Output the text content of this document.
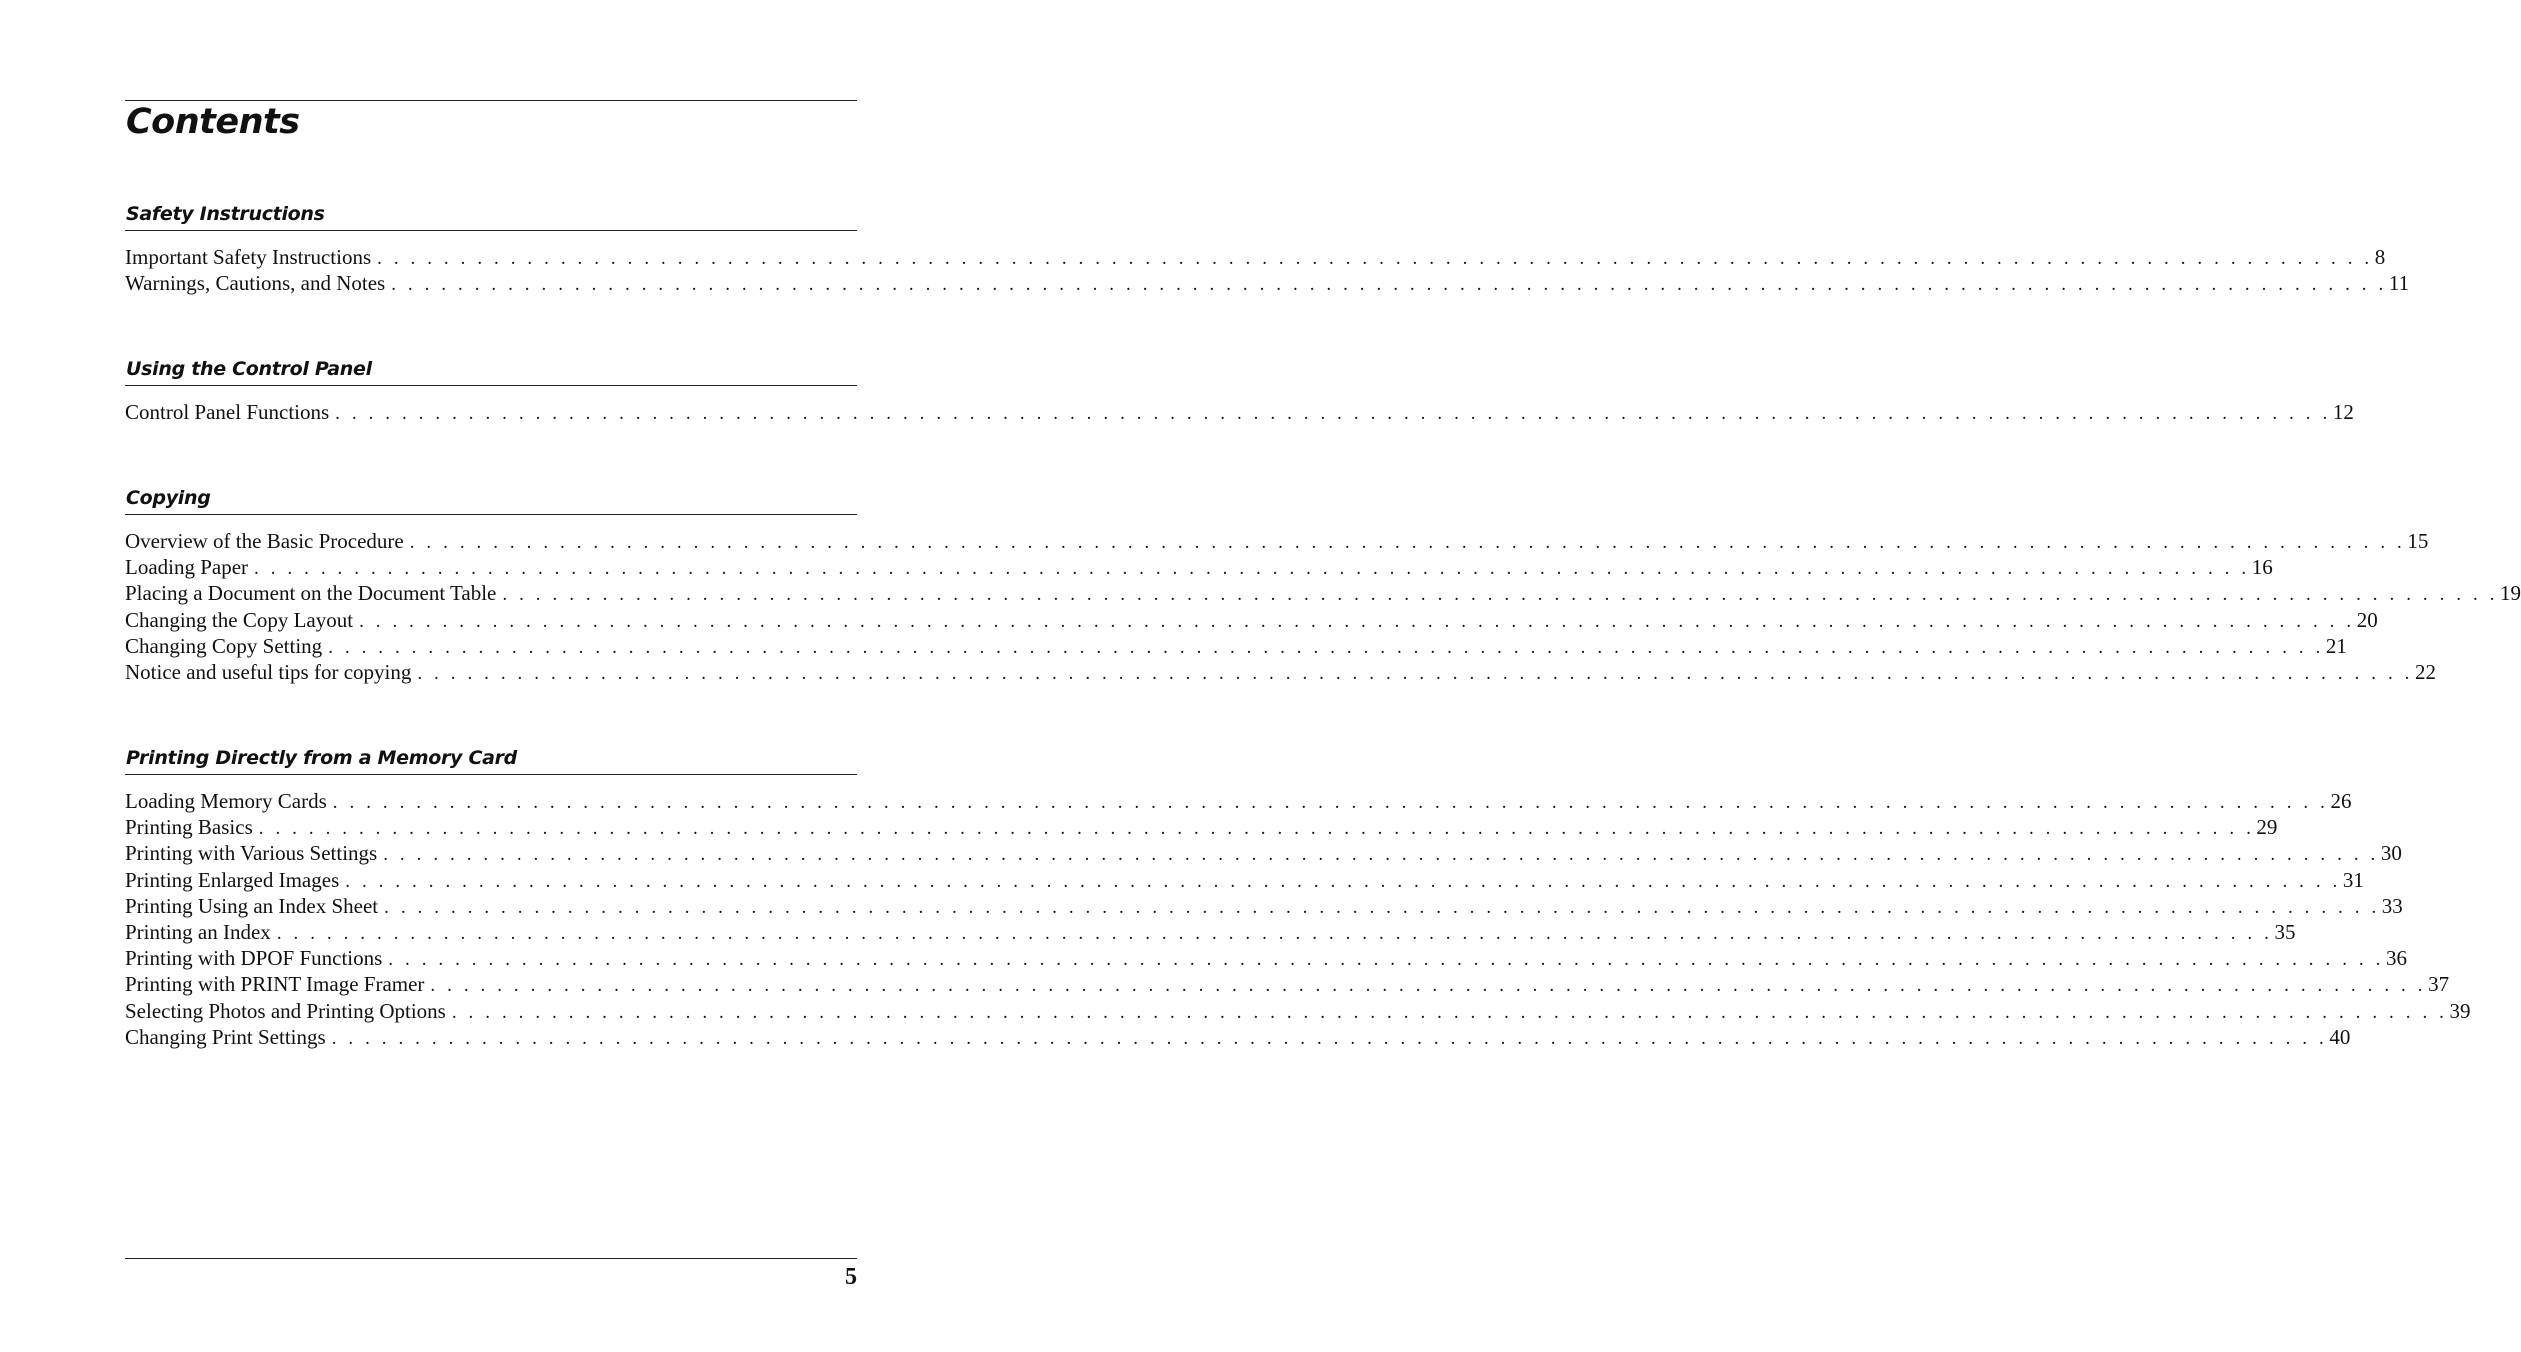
Contents
Safety Instructions
Important Safety Instructions . . . . . . . . . . . . . . . . . . . . . . . . . . . . . . . . . . . . . . . . . . . . . . . . . . . . . . . . . . . . . . . . . . . . . . . . . . . . . . . . . . . . . . . . . . . . . . . . . . . . . . . . . . . . . . . . . . . . . . . . 8
Warnings, Cautions, and Notes . . . . . . . . . . . . . . . . . . . . . . . . . . . . . . . . . . . . . . . . . . . . . . . . . . . . . . . . . . . . . . . . . . . . . . . . . . . . . . . . . . . . . . . . . . . . . . . . . . . . . . . . . . . . . . . . . . . . . . . . 11
Using the Control Panel
Control Panel Functions . . . . . . . . . . . . . . . . . . . . . . . . . . . . . . . . . . . . . . . . . . . . . . . . . . . . . . . . . . . . . . . . . . . . . . . . . . . . . . . . . . . . . . . . . . . . . . . . . . . . . . . . . . . . . . . . . . . . . . . . 12
Copying
Overview of the Basic Procedure . . . . . . . . . . . . . . . . . . . . . . . . . . . . . . . . . . . . . . . . . . . . . . . . . . . . . . . . . . . . . . . . . . . . . . . . . . . . . . . . . . . . . . . . . . . . . . . . . . . . . . . . . . . . . . . . . . . . . . . . 15
Loading Paper . . . . . . . . . . . . . . . . . . . . . . . . . . . . . . . . . . . . . . . . . . . . . . . . . . . . . . . . . . . . . . . . . . . . . . . . . . . . . . . . . . . . . . . . . . . . . . . . . . . . . . . . . . . . . . . . . . . . . . . . 16
Placing a Document on the Document Table . . . . . . . . . . . . . . . . . . . . . . . . . . . . . . . . . . . . . . . . . . . . . . . . . . . . . . . . . . . . . . . . . . . . . . . . . . . . . . . . . . . . . . . . . . . . . . . . . . . . . . . . . . . . . . . . . . . . . . . . 19
Changing the Copy Layout . . . . . . . . . . . . . . . . . . . . . . . . . . . . . . . . . . . . . . . . . . . . . . . . . . . . . . . . . . . . . . . . . . . . . . . . . . . . . . . . . . . . . . . . . . . . . . . . . . . . . . . . . . . . . . . . . . . . . . . . 20
Changing Copy Setting . . . . . . . . . . . . . . . . . . . . . . . . . . . . . . . . . . . . . . . . . . . . . . . . . . . . . . . . . . . . . . . . . . . . . . . . . . . . . . . . . . . . . . . . . . . . . . . . . . . . . . . . . . . . . . . . . . . . . . . . 21
Notice and useful tips for copying . . . . . . . . . . . . . . . . . . . . . . . . . . . . . . . . . . . . . . . . . . . . . . . . . . . . . . . . . . . . . . . . . . . . . . . . . . . . . . . . . . . . . . . . . . . . . . . . . . . . . . . . . . . . . . . . . . . . . . . . 22
Printing Directly from a Memory Card
Loading Memory Cards . . . . . . . . . . . . . . . . . . . . . . . . . . . . . . . . . . . . . . . . . . . . . . . . . . . . . . . . . . . . . . . . . . . . . . . . . . . . . . . . . . . . . . . . . . . . . . . . . . . . . . . . . . . . . . . . . . . . . . . . 26
Printing Basics . . . . . . . . . . . . . . . . . . . . . . . . . . . . . . . . . . . . . . . . . . . . . . . . . . . . . . . . . . . . . . . . . . . . . . . . . . . . . . . . . . . . . . . . . . . . . . . . . . . . . . . . . . . . . . . . . . . . . . . . 29
Printing with Various Settings . . . . . . . . . . . . . . . . . . . . . . . . . . . . . . . . . . . . . . . . . . . . . . . . . . . . . . . . . . . . . . . . . . . . . . . . . . . . . . . . . . . . . . . . . . . . . . . . . . . . . . . . . . . . . . . . . . . . . . . . 30
Printing Enlarged Images . . . . . . . . . . . . . . . . . . . . . . . . . . . . . . . . . . . . . . . . . . . . . . . . . . . . . . . . . . . . . . . . . . . . . . . . . . . . . . . . . . . . . . . . . . . . . . . . . . . . . . . . . . . . . . . . . . . . . . . . 31
Printing Using an Index Sheet . . . . . . . . . . . . . . . . . . . . . . . . . . . . . . . . . . . . . . . . . . . . . . . . . . . . . . . . . . . . . . . . . . . . . . . . . . . . . . . . . . . . . . . . . . . . . . . . . . . . . . . . . . . . . . . . . . . . . . . . 33
Printing an Index . . . . . . . . . . . . . . . . . . . . . . . . . . . . . . . . . . . . . . . . . . . . . . . . . . . . . . . . . . . . . . . . . . . . . . . . . . . . . . . . . . . . . . . . . . . . . . . . . . . . . . . . . . . . . . . . . . . . . . . . 35
Printing with DPOF Functions . . . . . . . . . . . . . . . . . . . . . . . . . . . . . . . . . . . . . . . . . . . . . . . . . . . . . . . . . . . . . . . . . . . . . . . . . . . . . . . . . . . . . . . . . . . . . . . . . . . . . . . . . . . . . . . . . . . . . . . . 36
Printing with PRINT Image Framer . . . . . . . . . . . . . . . . . . . . . . . . . . . . . . . . . . . . . . . . . . . . . . . . . . . . . . . . . . . . . . . . . . . . . . . . . . . . . . . . . . . . . . . . . . . . . . . . . . . . . . . . . . . . . . . . . . . . . . . . 37
Selecting Photos and Printing Options . . . . . . . . . . . . . . . . . . . . . . . . . . . . . . . . . . . . . . . . . . . . . . . . . . . . . . . . . . . . . . . . . . . . . . . . . . . . . . . . . . . . . . . . . . . . . . . . . . . . . . . . . . . . . . . . . . . . . . . . 39
Changing Print Settings . . . . . . . . . . . . . . . . . . . . . . . . . . . . . . . . . . . . . . . . . . . . . . . . . . . . . . . . . . . . . . . . . . . . . . . . . . . . . . . . . . . . . . . . . . . . . . . . . . . . . . . . . . . . . . . . . . . . . . . . 40
5
